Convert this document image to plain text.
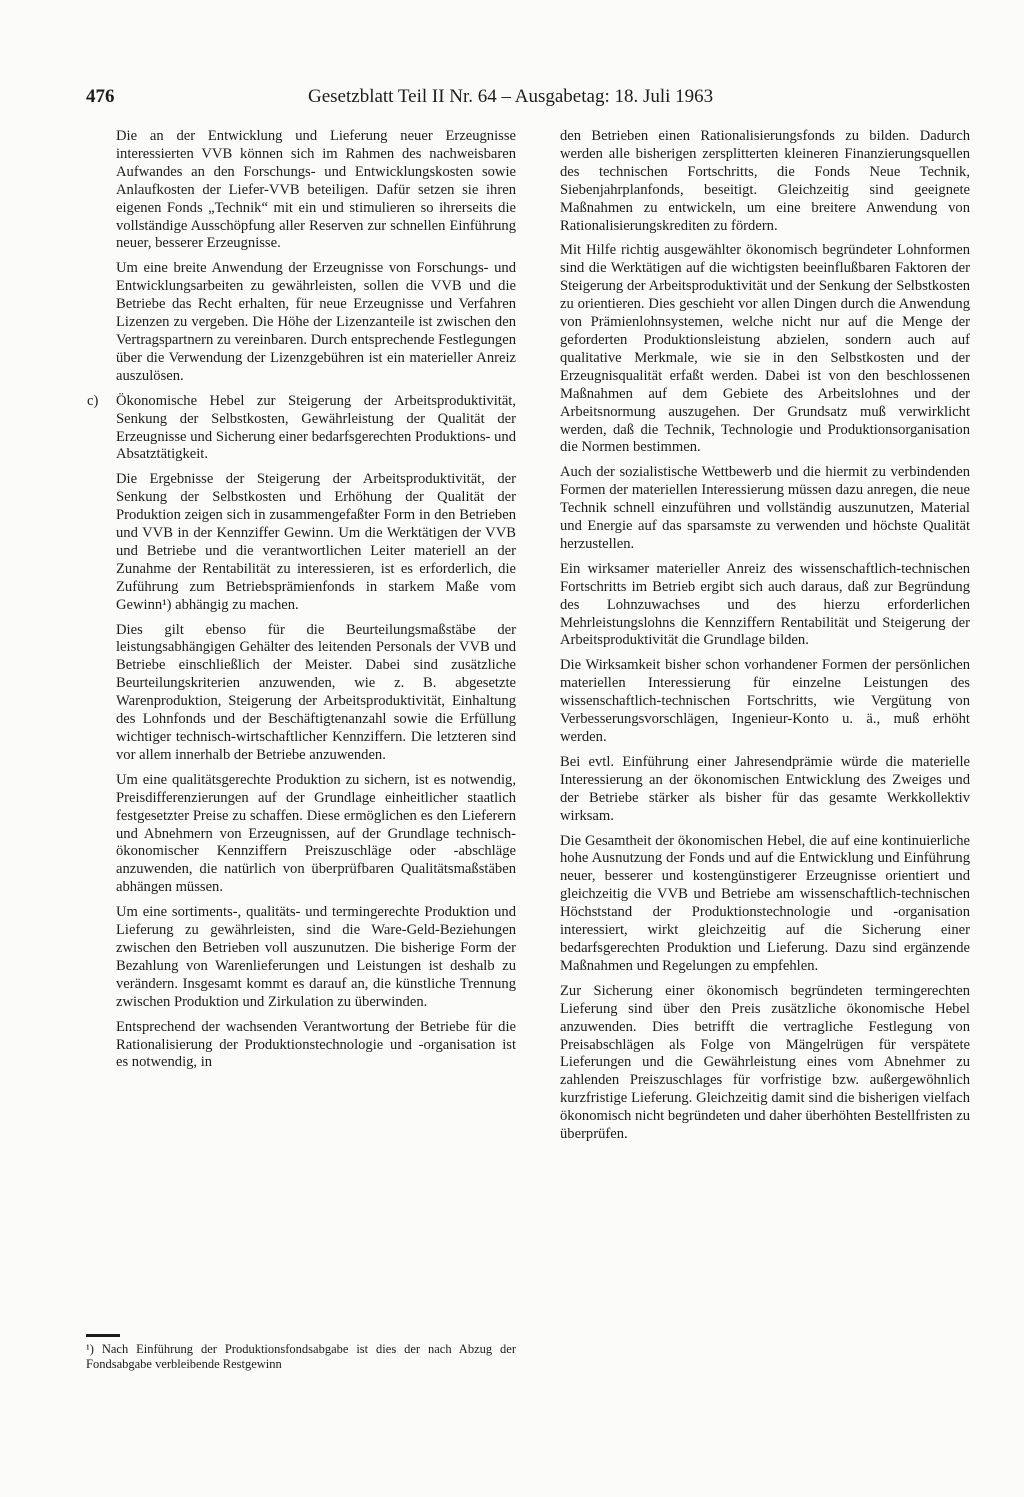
476	Gesetzblatt Teil II Nr. 64 – Ausgabetag: 18. Juli 1963

Die an der Entwicklung und Lieferung neuer Erzeugnisse interessierten VVB können sich im Rahmen des nachweisbaren Aufwandes an den Forschungs- und Entwicklungskosten sowie Anlaufkosten der Liefer-VVB beteiligen. Dafür setzen sie ihren eigenen Fonds „Technik“ mit ein und stimulieren so ihrerseits die vollständige Ausschöpfung aller Reserven zur schnellen Einführung neuer, besserer Erzeugnisse.

Um eine breite Anwendung der Erzeugnisse von Forschungs- und Entwicklungsarbeiten zu gewährleisten, sollen die VVB und die Betriebe das Recht erhalten, für neue Erzeugnisse und Verfahren Lizenzen zu vergeben. Die Höhe der Lizenzanteile ist zwischen den Vertragspartnern zu vereinbaren. Durch entsprechende Festlegungen über die Verwendung der Lizenzgebühren ist ein materieller Anreiz auszulösen.

c) Ökonomische Hebel zur Steigerung der Arbeitsproduktivität, Senkung der Selbstkosten, Gewährleistung der Qualität der Erzeugnisse und Sicherung einer bedarfsgerechten Produktions- und Absatztätigkeit.

Die Ergebnisse der Steigerung der Arbeitsproduktivität, der Senkung der Selbstkosten und Erhöhung der Qualität der Produktion zeigen sich in zusammengefaßter Form in den Betrieben und VVB in der Kennziffer Gewinn. Um die Werktätigen der VVB und Betriebe und die verantwortlichen Leiter materiell an der Zunahme der Rentabilität zu interessieren, ist es erforderlich, die Zuführung zum Betriebsprämienfonds in starkem Maße vom Gewinn¹) abhängig zu machen.

Dies gilt ebenso für die Beurteilungsmaßstäbe der leistungsabhängigen Gehälter des leitenden Personals der VVB und Betriebe einschließlich der Meister. Dabei sind zusätzliche Beurteilungskriterien anzuwenden, wie z. B. abgesetzte Warenproduktion, Steigerung der Arbeitsproduktivität, Einhaltung des Lohnfonds und der Beschäftigtenanzahl sowie die Erfüllung wichtiger technisch-wirtschaftlicher Kennziffern. Die letzteren sind vor allem innerhalb der Betriebe anzuwenden.

Um eine qualitätsgerechte Produktion zu sichern, ist es notwendig, Preisdifferenzierungen auf der Grundlage einheitlicher staatlich festgesetzter Preise zu schaffen. Diese ermöglichen es den Lieferern und Abnehmern von Erzeugnissen, auf der Grundlage technisch-ökonomischer Kennziffern Preiszuschläge oder -abschläge anzuwenden, die natürlich von überprüfbaren Qualitätsmaßstäben abhängen müssen.

Um eine sortiments-, qualitäts- und termingerechte Produktion und Lieferung zu gewährleisten, sind die Ware-Geld-Beziehungen zwischen den Betrieben voll auszunutzen. Die bisherige Form der Bezahlung von Warenlieferungen und Leistungen ist deshalb zu verändern. Insgesamt kommt es darauf an, die künstliche Trennung zwischen Produktion und Zirkulation zu überwinden.

Entsprechend der wachsenden Verantwortung der Betriebe für die Rationalisierung der Produktionstechnologie und -organisation ist es notwendig, in

den Betrieben einen Rationalisierungsfonds zu bilden. Dadurch werden alle bisherigen zersplitterten kleineren Finanzierungsquellen des technischen Fortschritts, die Fonds Neue Technik, Siebenjahrplanfonds, beseitigt. Gleichzeitig sind geeignete Maßnahmen zu entwickeln, um eine breitere Anwendung von Rationalisierungskrediten zu fördern.

Mit Hilfe richtig ausgewählter ökonomisch begründeter Lohnformen sind die Werktätigen auf die wichtigsten beeinflußbaren Faktoren der Steigerung der Arbeitsproduktivität und der Senkung der Selbstkosten zu orientieren. Dies geschieht vor allen Dingen durch die Anwendung von Prämienlohnsystemen, welche nicht nur auf die Menge der geforderten Produktionsleistung abzielen, sondern auch auf qualitative Merkmale, wie sie in den Selbstkosten und der Erzeugnisqualität erfaßt werden. Dabei ist von den beschlossenen Maßnahmen auf dem Gebiete des Arbeitslohnes und der Arbeitsnormung auszugehen. Der Grundsatz muß verwirklicht werden, daß die Technik, Technologie und Produktionsorganisation die Normen bestimmen.

Auch der sozialistische Wettbewerb und die hiermit zu verbindenden Formen der materiellen Interessierung müssen dazu anregen, die neue Technik schnell einzuführen und vollständig auszunutzen, Material und Energie auf das sparsamste zu verwenden und höchste Qualität herzustellen.

Ein wirksamer materieller Anreiz des wissenschaftlich-technischen Fortschritts im Betrieb ergibt sich auch daraus, daß zur Begründung des Lohnzuwachses und des hierzu erforderlichen Mehrleistungslohns die Kennziffern Rentabilität und Steigerung der Arbeitsproduktivität die Grundlage bilden.

Die Wirksamkeit bisher schon vorhandener Formen der persönlichen materiellen Interessierung für einzelne Leistungen des wissenschaftlich-technischen Fortschritts, wie Vergütung von Verbesserungsvorschlägen, Ingenieur-Konto u. ä., muß erhöht werden.

Bei evtl. Einführung einer Jahresendprämie würde die materielle Interessierung an der ökonomischen Entwicklung des Zweiges und der Betriebe stärker als bisher für das gesamte Werkkollektiv wirksam.

Die Gesamtheit der ökonomischen Hebel, die auf eine kontinuierliche hohe Ausnutzung der Fonds und auf die Entwicklung und Einführung neuer, besserer und kostengünstigerer Erzeugnisse orientiert und gleichzeitig die VVB und Betriebe am wissenschaftlich-technischen Höchststand der Produktionstechnologie und -organisation interessiert, wirkt gleichzeitig auf die Sicherung einer bedarfsgerechten Produktion und Lieferung. Dazu sind ergänzende Maßnahmen und Regelungen zu empfehlen.

Zur Sicherung einer ökonomisch begründeten termingerechten Lieferung sind über den Preis zusätzliche ökonomische Hebel anzuwenden. Dies betrifft die vertragliche Festlegung von Preisabschlägen als Folge von Mängelrügen für verspätete Lieferungen und die Gewährleistung eines vom Abnehmer zu zahlenden Preiszuschlages für vorfristige bzw. außergewöhnlich kurzfristige Lieferung. Gleichzeitig damit sind die bisherigen vielfach ökonomisch nicht begründeten und daher überhöhten Bestellfristen zu überprüfen.

¹) Nach Einführung der Produktionsfondsabgabe ist dies der nach Abzug der Fondsabgabe verbleibende Restgewinn
